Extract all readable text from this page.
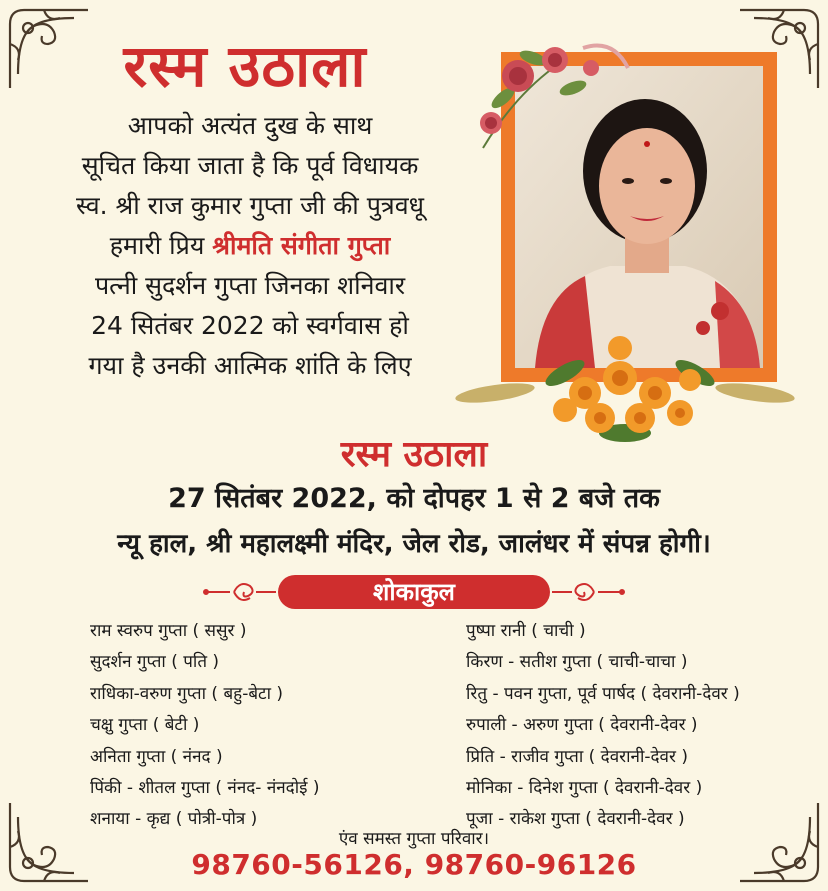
रस्म उठाला
आपको अत्यंत दुख के साथ
सूचित किया जाता है कि पूर्व विधायक
स्व. श्री राज कुमार गुप्ता जी की पुत्रवधू
हमारी प्रिय श्रीमति संगीता गुप्ता
पत्नी सुदर्शन गुप्ता जिनका शनिवार
24 सितंबर 2022 को स्वर्गवास हो
गया है उनकी आत्मिक शांति के लिए
रस्म उठाला
27 सितंबर 2022, को दोपहर 1 से 2 बजे तक
न्यू हाल, श्री महालक्ष्मी मंदिर, जेल रोड, जालंधर में संपन्न होगी।
शोकाकुल
राम स्वरुप गुप्ता ( ससुर )
सुदर्शन गुप्ता ( पति )
राधिका-वरुण गुप्ता ( बहु-बेटा )
चक्षु गुप्ता ( बेटी )
अनिता गुप्ता ( नंनद )
पिंकी - शीतल गुप्ता ( नंनद- नंनदोई )
शनाया - कृद्य ( पोत्री-पोत्र )
पुष्पा रानी ( चाची )
किरण - सतीश गुप्ता ( चाची-चाचा )
रितु - पवन गुप्ता, पूर्व पार्षद ( देवरानी-देवर )
रुपाली - अरुण गुप्ता ( देवरानी-देवर )
प्रिति - राजीव गुप्ता ( देवरानी-देवर )
मोनिका - दिनेश गुप्ता ( देवरानी-देवर )
पूजा - राकेश गुप्ता ( देवरानी-देवर )
एंव समस्त गुप्ता परिवार।
98760-56126, 98760-96126
